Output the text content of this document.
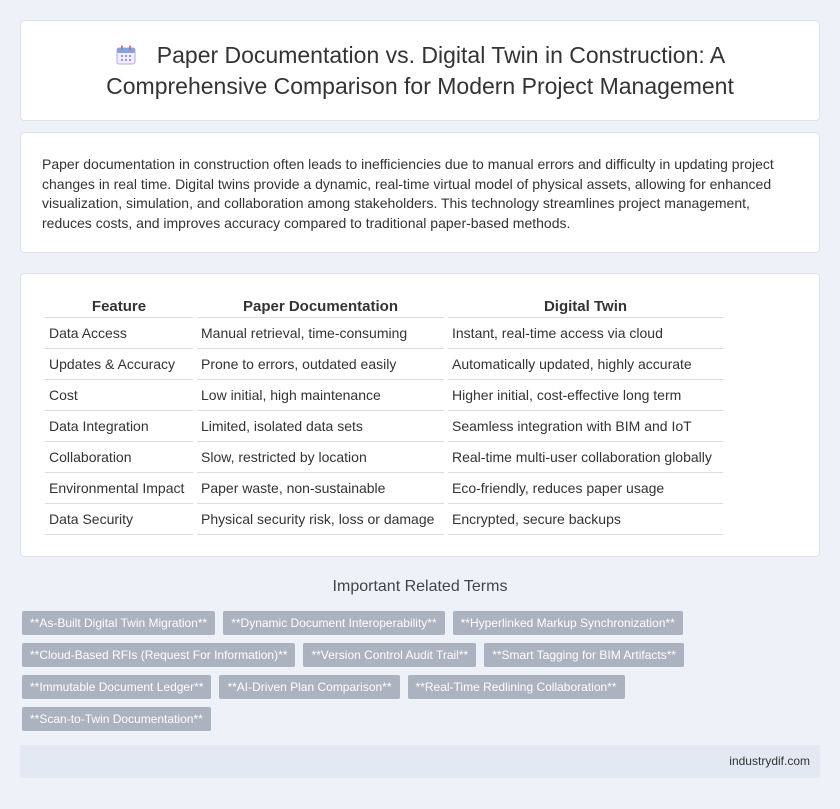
Paper Documentation vs. Digital Twin in Construction: A Comprehensive Comparison for Modern Project Management

Paper documentation in construction often leads to inefficiencies due to manual errors and difficulty in updating project changes in real time. Digital twins provide a dynamic, real-time virtual model of physical assets, allowing for enhanced visualization, simulation, and collaboration among stakeholders. This technology streamlines project management, reduces costs, and improves accuracy compared to traditional paper-based methods.

Feature	Paper Documentation	Digital Twin
Data Access	Manual retrieval, time-consuming	Instant, real-time access via cloud
Updates & Accuracy	Prone to errors, outdated easily	Automatically updated, highly accurate
Cost	Low initial, high maintenance	Higher initial, cost-effective long term
Data Integration	Limited, isolated data sets	Seamless integration with BIM and IoT
Collaboration	Slow, restricted by location	Real-time multi-user collaboration globally
Environmental Impact	Paper waste, non-sustainable	Eco-friendly, reduces paper usage
Data Security	Physical security risk, loss or damage	Encrypted, secure backups
Important Related Terms
**As-Built Digital Twin Migration**	**Dynamic Document Interoperability**	**Hyperlinked Markup Synchronization**
**Cloud-Based RFIs (Request For Information)**	**Version Control Audit Trail**	**Smart Tagging for BIM Artifacts**
**Immutable Document Ledger**	**AI-Driven Plan Comparison**	**Real-Time Redlining Collaboration**
**Scan-to-Twin Documentation**
industrydif.com
